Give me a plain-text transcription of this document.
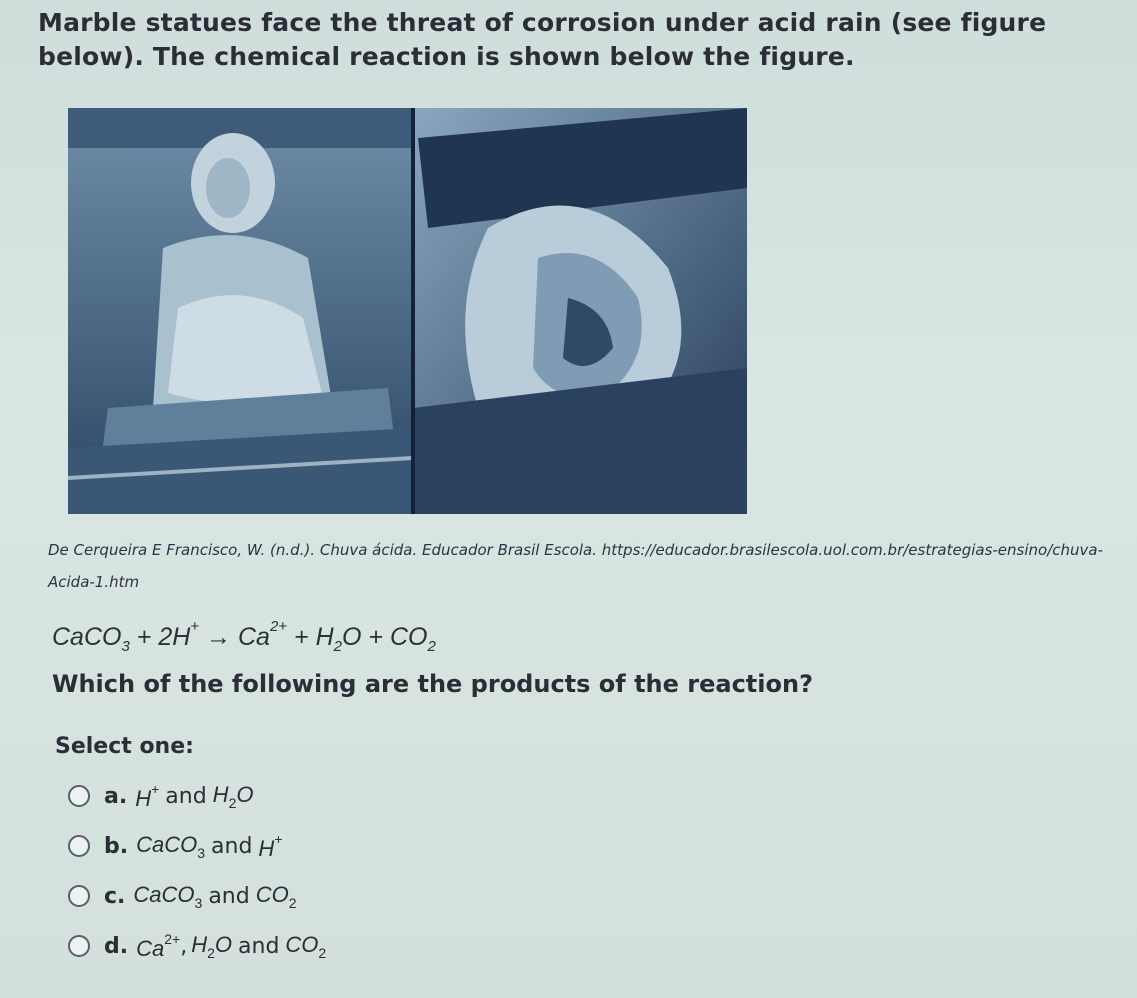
Marble statues face the threat of corrosion under acid rain (see figure below). The chemical reaction is shown below the figure.
De Cerqueira E Francisco, W. (n.d.). Chuva ácida. Educador Brasil Escola. https://educador.brasilescola.uol.com.br/estrategias-ensino/chuva-Acida-1.htm
CaCO$_3$ + $2H^+ \to Ca^{2+} + H_2O + CO_2$
Which of the following are the products of the reaction?
Select one:
a. H+ and $H_2O$
b. CaCO$_3$ and H+
c. CaCO$_3$ and $CO_2$
d. $Ca^{2+}$ , $H_2O$ and $CO_2$
